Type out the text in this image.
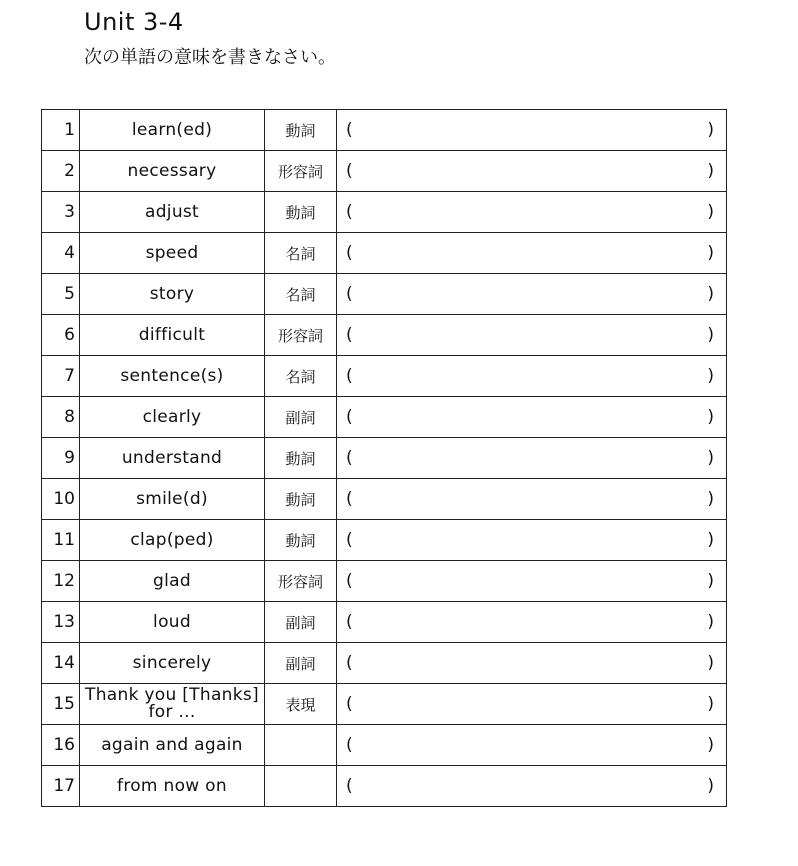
Unit 3-4
次の単語の意味を書きなさい。
1	learn(ed)	動詞	( )

2	necessary	形容詞	( )

3	adjust	動詞	( )

4	speed	名詞	( )

5	story	名詞	( )

6	difficult	形容詞	( )

7	sentence(s)	名詞	( )

8	clearly	副詞	( )

9	understand	動詞	( )

10	smile(d)	動詞	( )

11	clap(ped)	動詞	( )

12	glad	形容詞	( )

13	loud	副詞	( )

14	sincerely	副詞	( )

15	Thank you [Thanks] for ...	表現	( )

16	again and again		( )

17	from now on		( )
